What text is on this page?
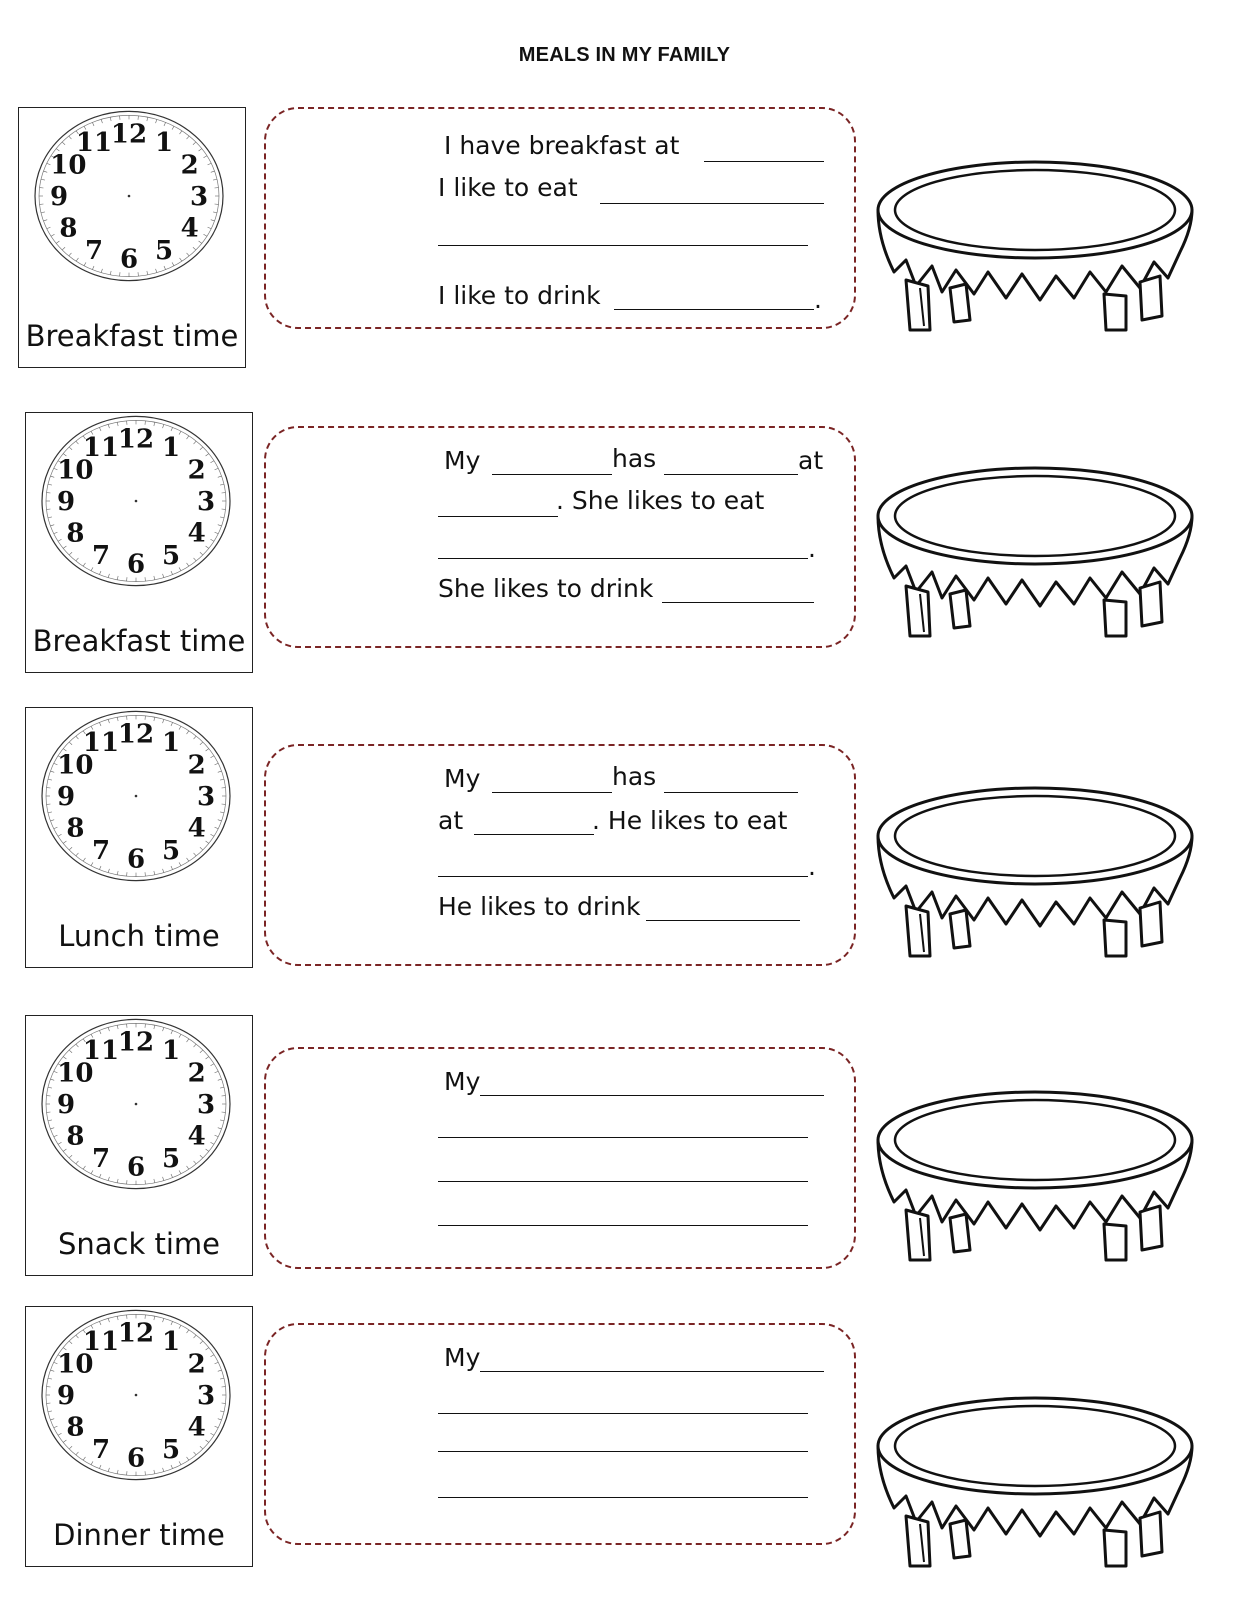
MEALS IN MY FAMILY
12 1
2
3
4
5
6
7
8
9
10
11
Breakfast time
I have breakfast at
I like to eat
I like to drink	.
12 1
2
3
4
5
6
7
8
9
10
11
Breakfast time
My	has	at
. She likes to eat
.
She likes to drink
12 1
2
3
4
5
6
7
8
9
10
11
Lunch time
My	has
at	. He likes to eat
.
He likes to drink
12 1
2
3
4
5
6
7
8
9
10
11
Snack time
My
12 1
2
3
4
5
6
7
8
9
10
11
Dinner time
My
